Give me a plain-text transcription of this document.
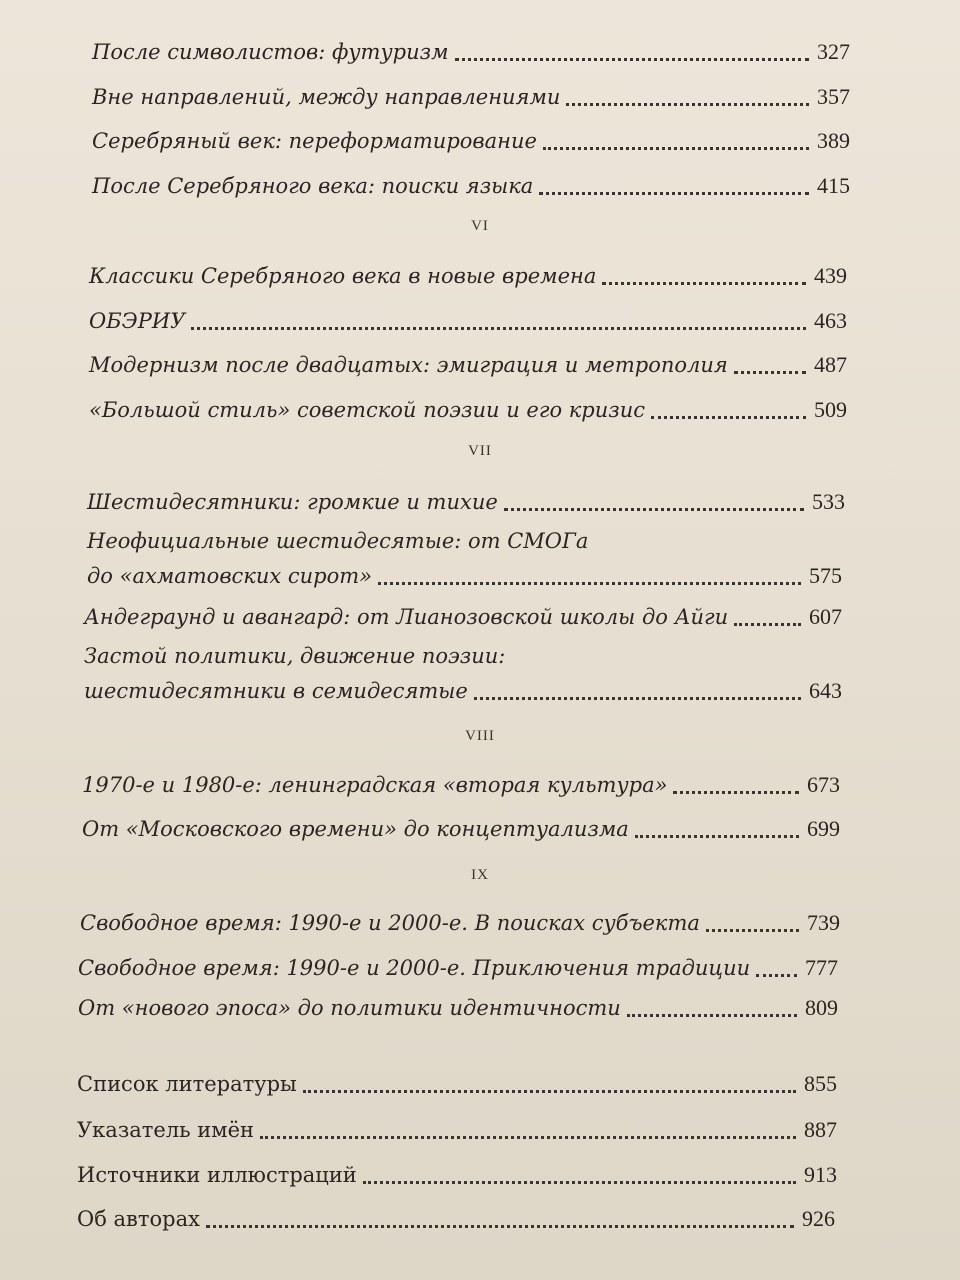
После символистов: футуризм	327
Вне направлений, между направлениями	357
Серебряный век: переформатирование	389
После Серебряного века: поиски языка	415
VI
Классики Серебряного века в новые времена	439
ОБЭРИУ	463
Модернизм после двадцатых: эмиграция и метрополия	487
«Большой стиль» советской поэзии и его кризис	509
VII
Шестидесятники: громкие и тихие	533
Неофициальные шестидесятые: от СМОГа
до «ахматовских сирот»	575
Андеграунд и авангард: от Лианозовской школы до Айги	607
Застой политики, движение поэзии:
шестидесятники в семидесятые	643
VIII
1970-е и 1980-е: ленинградская «вторая культура»	673
От «Московского времени» до концептуализма	699
IX
Свободное время: 1990-е и 2000-е. В поисках субъекта	739
Свободное время: 1990-е и 2000-е. Приключения традиции 777
От «нового эпоса» до политики идентичности	809
Список литературы	855
Указатель имён	887
Источники иллюстраций	913
Об авторах	926
